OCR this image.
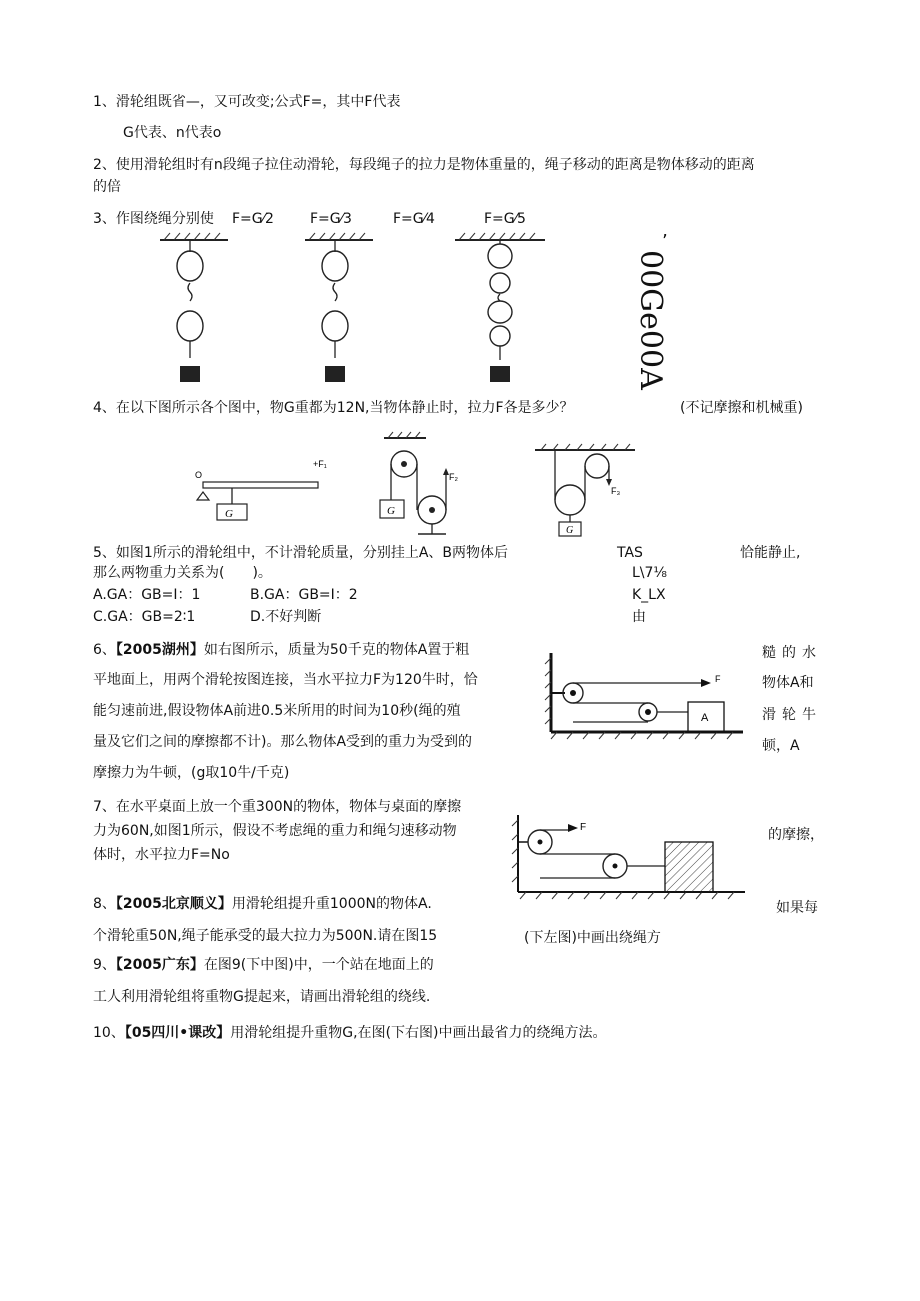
1、滑轮组既省—，又可改变;公式F=，其中F代表
G代表、n代表o
2、使用滑轮组时有n段绳子拉住动滑轮，每段绳子的拉力是物体重量的，绳子移动的距离是物体移动的距离
的倍
3、作图绕绳分别使 F=G⁄2	F=G⁄3	F=G⁄4	F=G⁄5
’
00Ge00A
4、在以下图所示各个图中，物G重都为12N,当物体静止时，拉力F各是多少？	(不记摩擦和机械重)
G
O
+F₁
G
F₂
F₃
G
5、如图1所示的滑轮组中，不计滑轮质量，分别挂上A、B两物体后
那么两物重力关系为(　　)。
A.GA：GB=I：1	B.GA：GB=I：2
C.GA：GB=2∶1	D.不好判断
TAS	恰能静止,
L\7⅛
K_LX
由
6、【2005湖州】如右图所示，质量为50千克的物体A置于粗
平地面上，用两个滑轮按图连接，当水平拉力F为120牛时，恰
能匀速前进,假设物体A前进0.5米所用的时间为10秒(绳的殖
量及它们之间的摩擦都不计)。那么物体A受到的重力为受到的
摩擦力为牛顿，(g取10牛/千克)
糙的水
物体A和
滑轮牛
顿，A
F
A
7、在水平桌面上放一个重300N的物体，物体与桌面的摩擦
力为60N,如图1所示，假设不考虑绳的重力和绳匀速移动物
体时，水平拉力F=No
的摩擦，
F
8、【2005北京顺义】用滑轮组提升重1000N的物体A.
个滑轮重50N,绳子能承受的最大拉力为500N.请在图15
如果每
(下左图)中画出绕绳方
9、【2005广东】在图9(下中图)中，一个站在地面上的
工人利用滑轮组将重物G提起来，请画出滑轮组的绕线.
10、【05四川•课改】用滑轮组提升重物G,在图(下右图)中画出最省力的绕绳方法。
